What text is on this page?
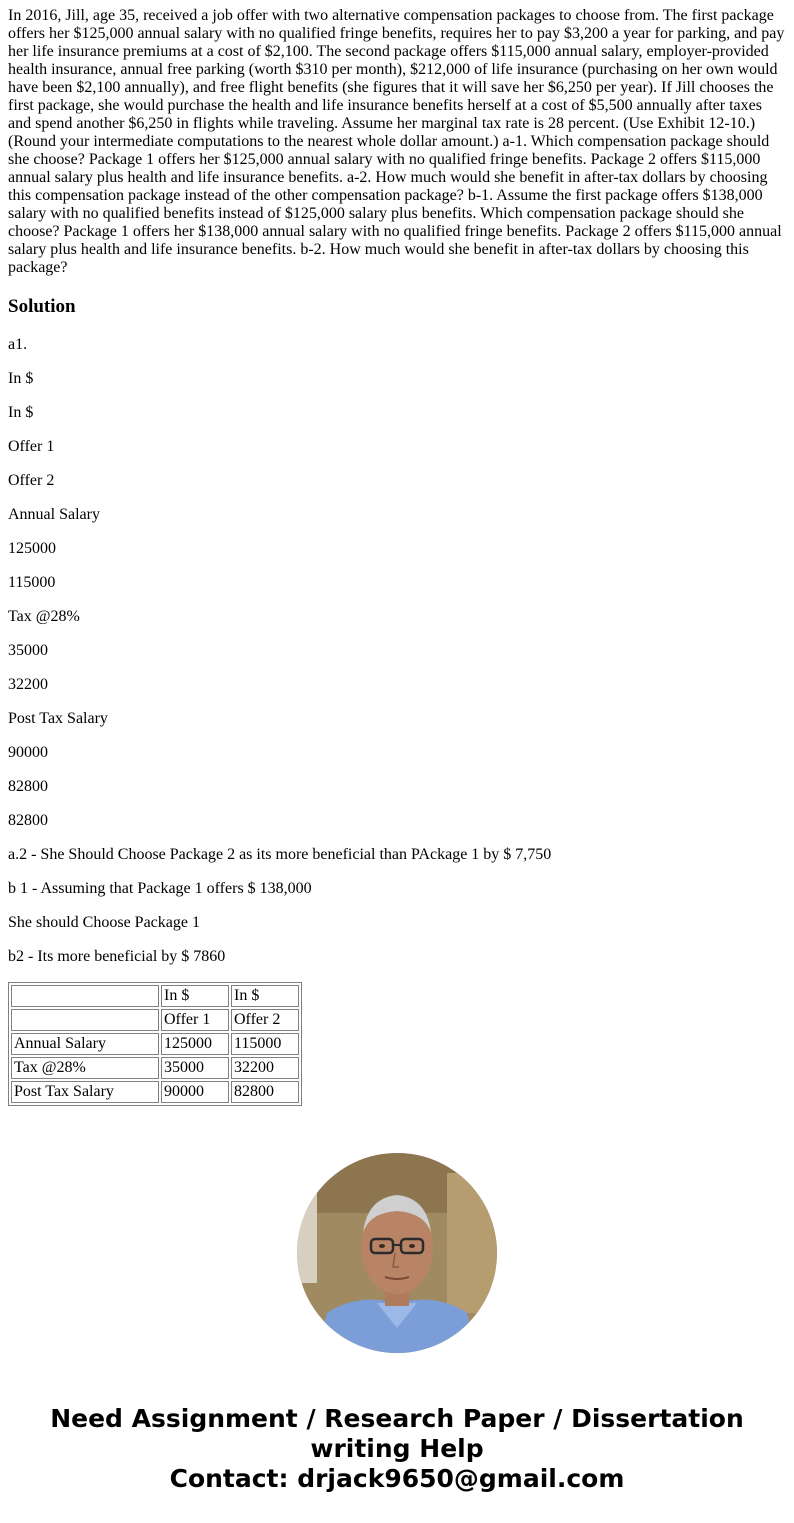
In 2016, Jill, age 35, received a job offer with two alternative compensation packages to choose from. The first package offers her $125,000 annual salary with no qualified fringe benefits, requires her to pay $3,200 a year for parking, and pay her life insurance premiums at a cost of $2,100. The second package offers $115,000 annual salary, employer-provided health insurance, annual free parking (worth $310 per month), $212,000 of life insurance (purchasing on her own would have been $2,100 annually), and free flight benefits (she figures that it will save her $6,250 per year). If Jill chooses the first package, she would purchase the health and life insurance benefits herself at a cost of $5,500 annually after taxes and spend another $6,250 in flights while traveling. Assume her marginal tax rate is 28 percent. (Use Exhibit 12-10.) (Round your intermediate computations to the nearest whole dollar amount.) a-1. Which compensation package should she choose? Package 1 offers her $125,000 annual salary with no qualified fringe benefits. Package 2 offers $115,000 annual salary plus health and life insurance benefits. a-2. How much would she benefit in after-tax dollars by choosing this compensation package instead of the other compensation package? b-1. Assume the first package offers $138,000 salary with no qualified benefits instead of $125,000 salary plus benefits. Which compensation package should she choose? Package 1 offers her $138,000 annual salary with no qualified fringe benefits. Package 2 offers $115,000 annual salary plus health and life insurance benefits. b-2. How much would she benefit in after-tax dollars by choosing this package?

Solution

a1.

In $

In $

Offer 1

Offer 2

Annual Salary

125000

115000

Tax @28%

35000

32200

Post Tax Salary

90000

82800

82800

a.2 - She Should Choose Package 2 as its more beneficial than PAckage 1 by $ 7,750

b 1 - Assuming that Package 1 offers $ 138,000

She should Choose Package 1

b2 - Its more beneficial by $ 7860

	In $	In $
	Offer 1	Offer 2
Annual Salary	125000	115000
Tax @28%	35000	32200
Post Tax Salary	90000	82800
Need Assignment / Research Paper / Dissertation
writing Help
Contact: drjack9650@gmail.com
